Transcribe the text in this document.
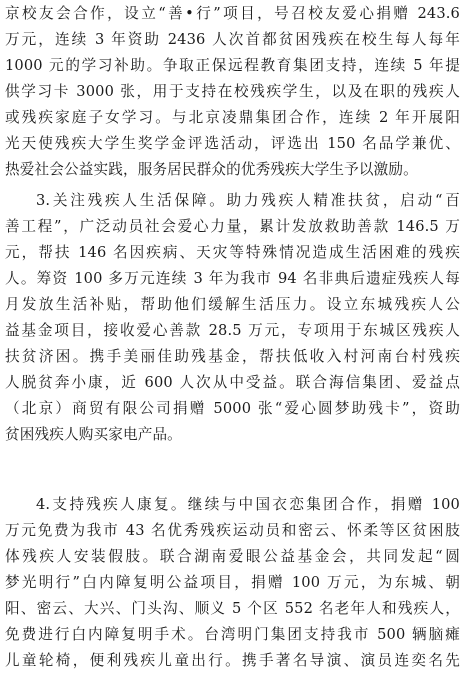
京校友会合作，设立“善•行”项目，号召校友爱心捐赠 243.6
万元，连续 3 年资助 2436 人次首都贫困残疾在校生每人每年
1000 元的学习补助。争取正保远程教育集团支持，连续 5 年提
供学习卡 3000 张，用于支持在校残疾学生，以及在职的残疾人
或残疾家庭子女学习。与北京凌鼎集团合作，连续 2 年开展阳
光天使残疾大学生奖学金评选活动，评选出 150 名品学兼优、
热爱社会公益实践，服务居民群众的优秀残疾大学生予以激励。
3.关注残疾人生活保障。助力残疾人精准扶贫，启动“百
善工程”，广泛动员社会爱心力量，累计发放救助善款 146.5 万
元，帮扶 146 名因疾病、天灾等特殊情况造成生活困难的残疾
人。筹资 100 多万元连续 3 年为我市 94 名非典后遗症残疾人每
月发放生活补贴，帮助他们缓解生活压力。设立东城残疾人公
益基金项目，接收爱心善款 28.5 万元，专项用于东城区残疾人
扶贫济困。携手美丽佳助残基金，帮扶低收入村河南台村残疾
人脱贫奔小康，近 600 人次从中受益。联合海信集团、爱益点
（北京）商贸有限公司捐赠 5000 张“爱心圆梦助残卡”，资助
贫困残疾人购买家电产品。
4.支持残疾人康复。继续与中国衣恋集团合作，捐赠 100
万元免费为我市 43 名优秀残疾运动员和密云、怀柔等区贫困肢
体残疾人安装假肢。联合湖南爱眼公益基金会，共同发起“圆
梦光明行”白内障复明公益项目，捐赠 100 万元，为东城、朝
阳、密云、大兴、门头沟、顺义 5 个区 552 名老年人和残疾人，
免费进行白内障复明手术。台湾明门集团支持我市 500 辆脑瘫
儿童轮椅，便利残疾儿童出行。携手著名导演、演员连奕名先
